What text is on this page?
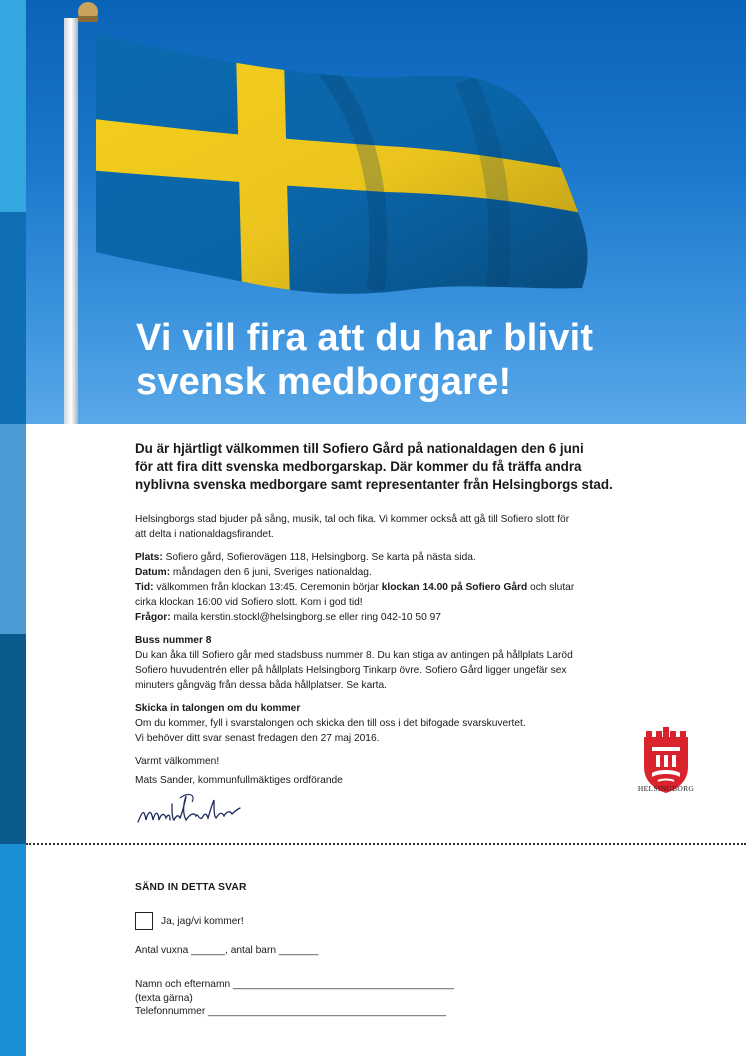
Vi vill fira att du har blivit
svensk medborgare!
Du är hjärtligt välkommen till Sofiero Gård på nationaldagen den 6 juni
för att fira ditt svenska medborgarskap. Där kommer du få träffa andra
nyblivna svenska medborgare samt representanter från Helsingborgs stad.

Helsingborgs stad bjuder på sång, musik, tal och fika. Vi kommer också att gå till Sofiero slott för
att delta i nationaldagsfirandet.

Plats: Sofiero gård, Sofierovägen 118, Helsingborg. Se karta på nästa sida.
Datum: måndagen den 6 juni, Sveriges nationaldag.
Tid: välkommen från klockan 13:45. Ceremonin börjar klockan 14.00 på Sofiero Gård och slutar
cirka klockan 16:00 vid Sofiero slott. Kom i god tid!
Frågor: maila kerstin.stockl@helsingborg.se eller ring 042-10 50 97

Buss nummer 8
Du kan åka till Sofiero går med stadsbuss nummer 8. Du kan stiga av antingen på hållplats Laröd
Sofiero huvudentrén eller på hållplats Helsingborg Tinkarp övre. Sofiero Gård ligger ungefär sex
minuters gångväg från dessa båda hållplatser. Se karta.

Skicka in talongen om du kommer
Om du kommer, fyll i svarstalongen och skicka den till oss i det bifogade svarskuvertet.
Vi behöver ditt svar senast fredagen den 27 maj 2016.

Varmt välkommen!
Mats Sander, kommunfullmäktiges ordförande

HELSINGBORG
SÄND IN DETTA SVAR
Ja, jag/vi kommer!
Antal vuxna ______, antal barn _______
Namn och efternamn _______________________________________
(texta gärna)
Telefonnummer __________________________________________
